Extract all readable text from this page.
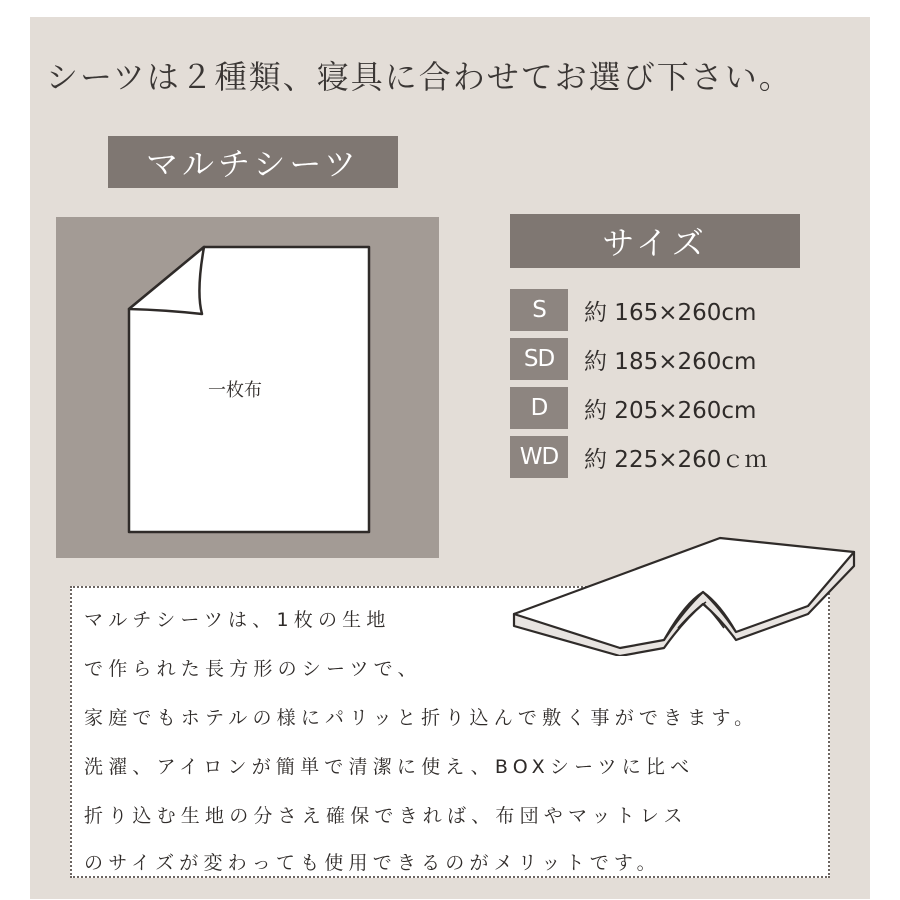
シーツは２種類、寝具に合わせてお選び下さい。
マルチシーツ
一枚布
サイズ
S	約 165×260cm
SD	約 185×260cm
D	約 205×260cm
WD	約 225×260ｃｍ
マルチシーツは、1枚の生地
で作られた長方形のシーツで、
家庭でもホテルの様にパリッと折り込んで敷く事ができます。
洗濯、アイロンが簡単で清潔に使え、BOXシーツに比べ
折り込む生地の分さえ確保できれば、布団やマットレス
のサイズが変わっても使用できるのがメリットです。
